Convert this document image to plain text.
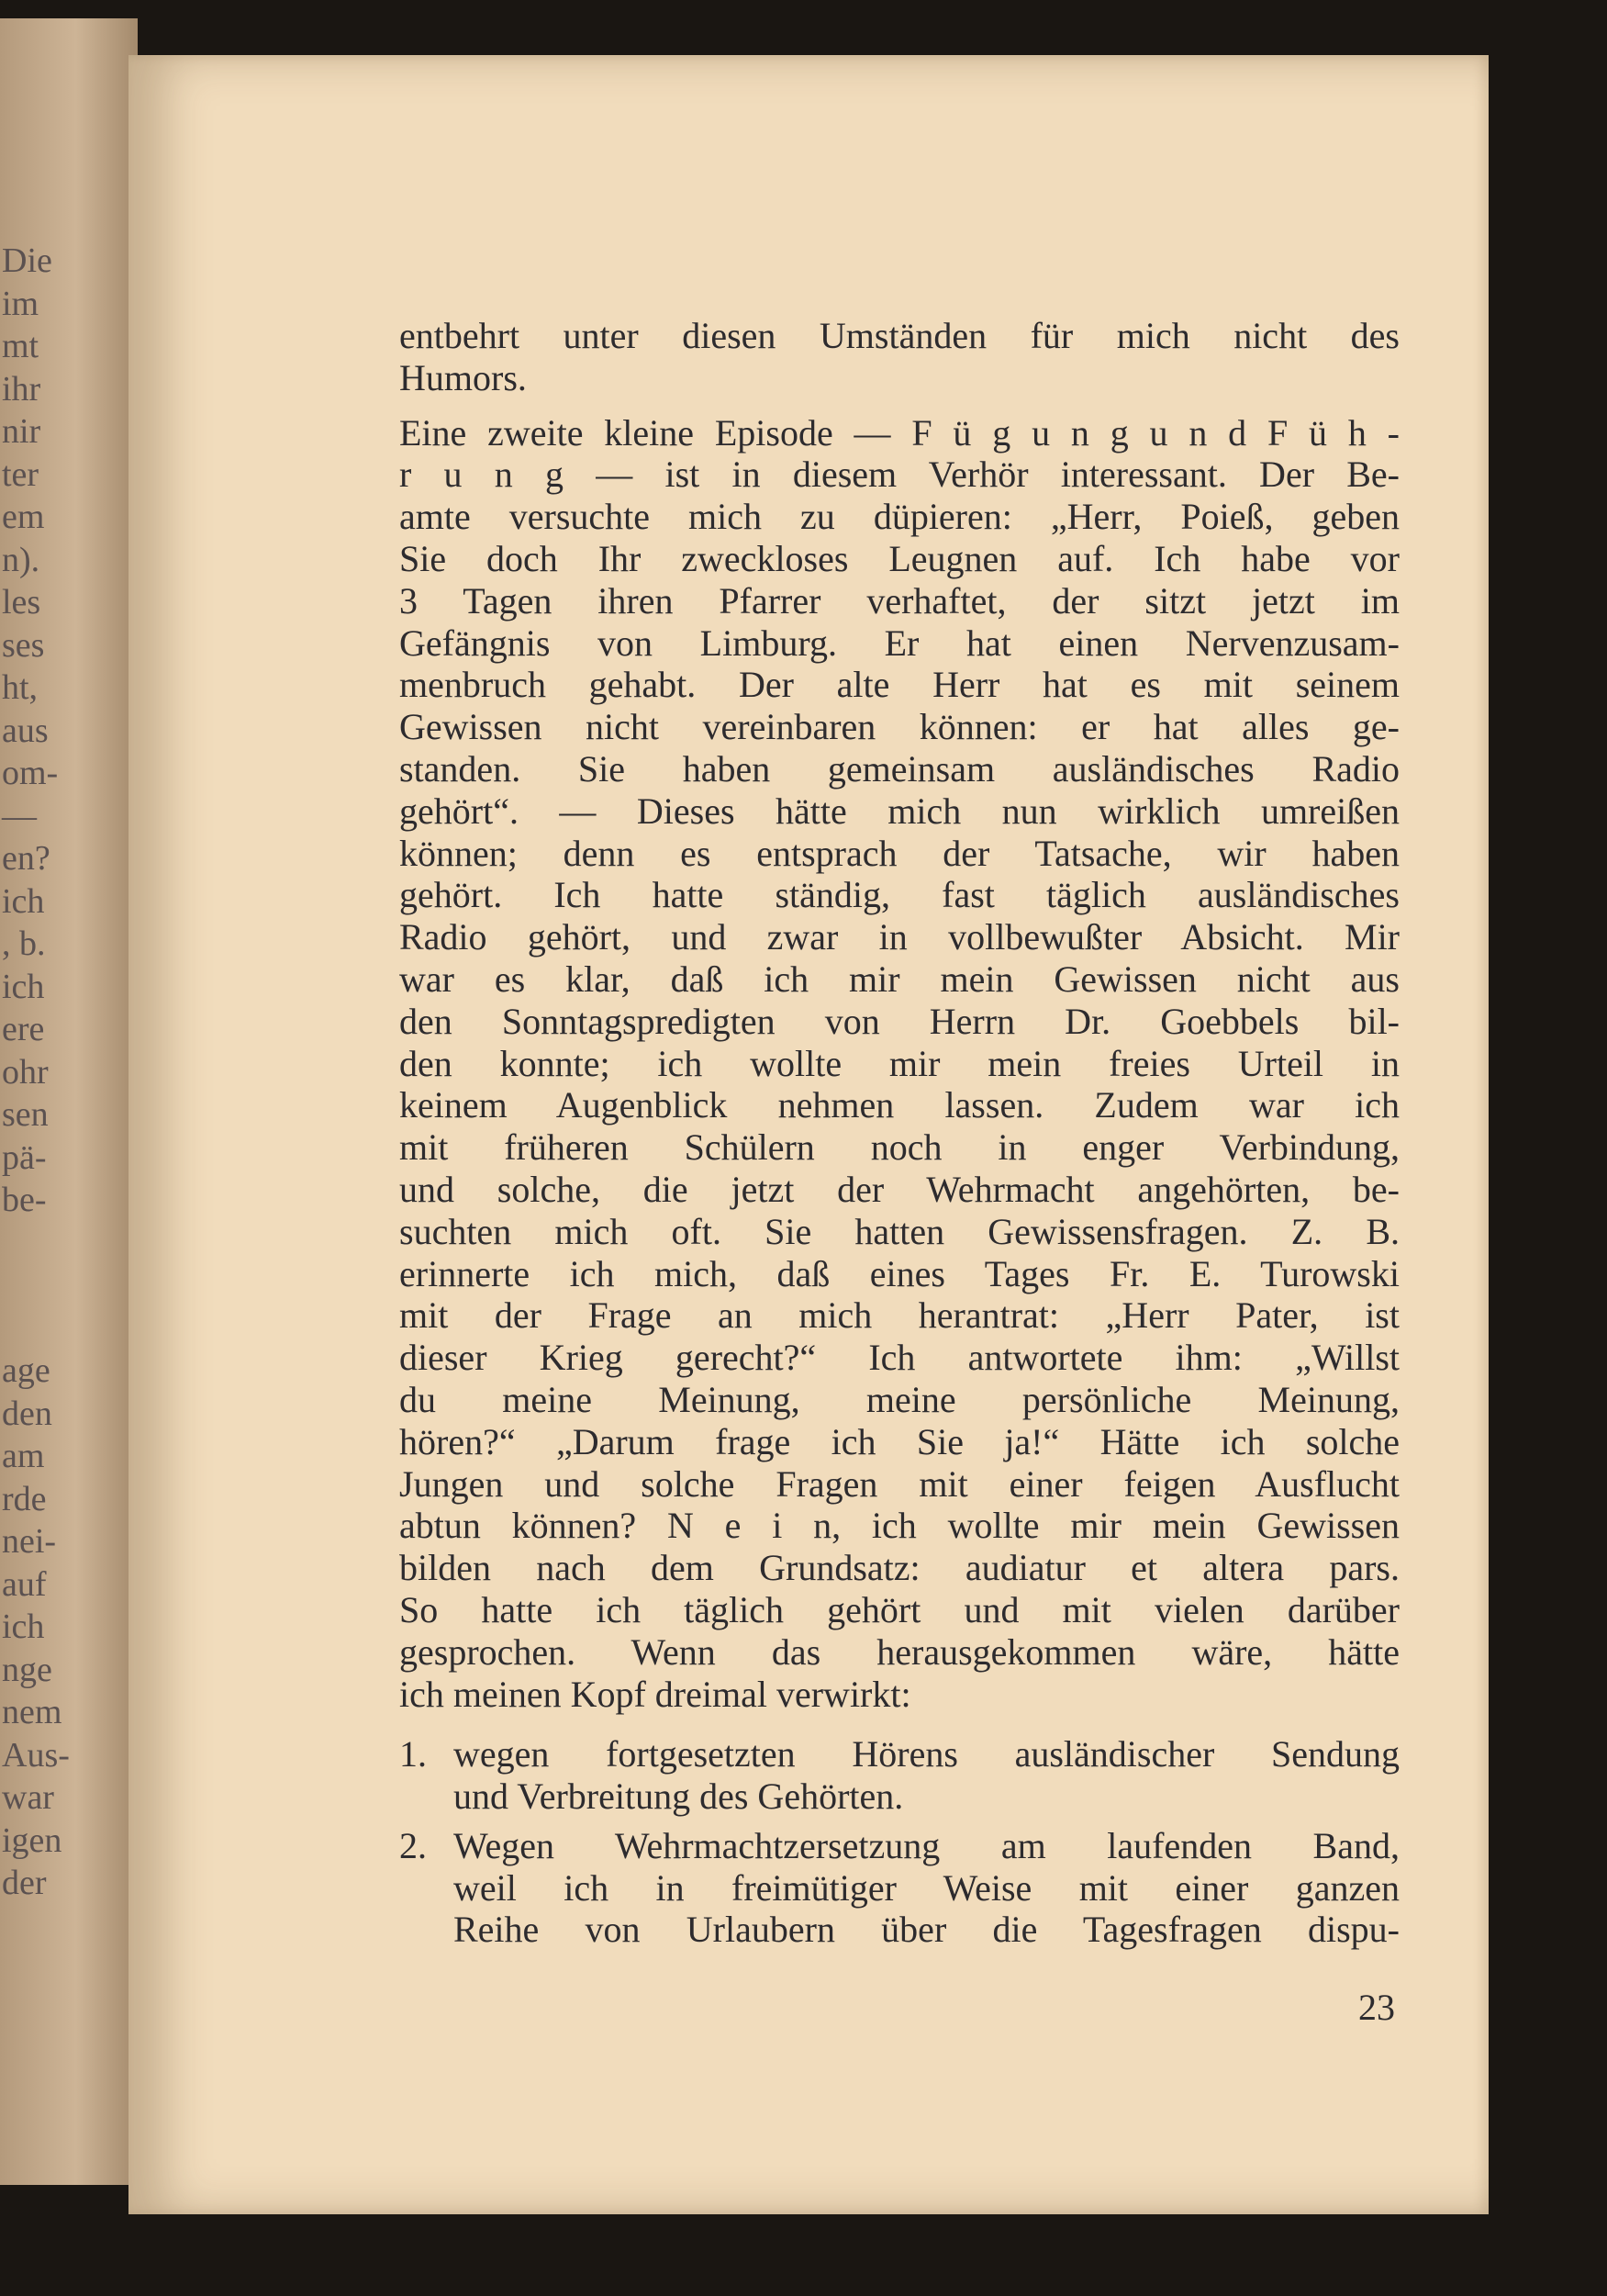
Die
im
mt
ihr
nir
ter
em
n).
les
ses
ht,
aus
om-
—
en?
ich
, b.
ich
ere
ohr
sen
pä-
be-
age
den
am
rde
nei-
auf
ich
nge
nem
Aus-
war
igen
der
entbehrt unter diesen Umständen für mich nicht des
Humors.
Eine zweite kleine Episode — F ü g u n g u n d F ü h -
r u n g — ist in diesem Verhör interessant. Der Be-
amte versuchte mich zu düpieren: „Herr, Poieß, geben
Sie doch Ihr zweckloses Leugnen auf. Ich habe vor
3 Tagen ihren Pfarrer verhaftet, der sitzt jetzt im
Gefängnis von Limburg. Er hat einen Nervenzusam-
menbruch gehabt. Der alte Herr hat es mit seinem
Gewissen nicht vereinbaren können: er hat alles ge-
standen. Sie haben gemeinsam ausländisches Radio
gehört“. — Dieses hätte mich nun wirklich umreißen
können; denn es entsprach der Tatsache, wir haben
gehört. Ich hatte ständig, fast täglich ausländisches
Radio gehört, und zwar in vollbewußter Absicht. Mir
war es klar, daß ich mir mein Gewissen nicht aus
den Sonntagspredigten von Herrn Dr. Goebbels bil-
den konnte; ich wollte mir mein freies Urteil in
keinem Augenblick nehmen lassen. Zudem war ich
mit früheren Schülern noch in enger Verbindung,
und solche, die jetzt der Wehrmacht angehörten, be-
suchten mich oft. Sie hatten Gewissensfragen. Z. B.
erinnerte ich mich, daß eines Tages Fr. E. Turowski
mit der Frage an mich herantrat: „Herr Pater, ist
dieser Krieg gerecht?“ Ich antwortete ihm: „Willst
du meine Meinung, meine persönliche Meinung,
hören?“ „Darum frage ich Sie ja!“ Hätte ich solche
Jungen und solche Fragen mit einer feigen Ausflucht
abtun können? N e i n, ich wollte mir mein Gewissen
bilden nach dem Grundsatz: audiatur et altera pars.
So hatte ich täglich gehört und mit vielen darüber
gesprochen. Wenn das herausgekommen wäre, hätte
ich meinen Kopf dreimal verwirkt:
1. wegen fortgesetzten Hörens ausländischer Sendung
und Verbreitung des Gehörten.
2. Wegen Wehrmachtzersetzung am laufenden Band,
weil ich in freimütiger Weise mit einer ganzen
Reihe von Urlaubern über die Tagesfragen dispu-
23
